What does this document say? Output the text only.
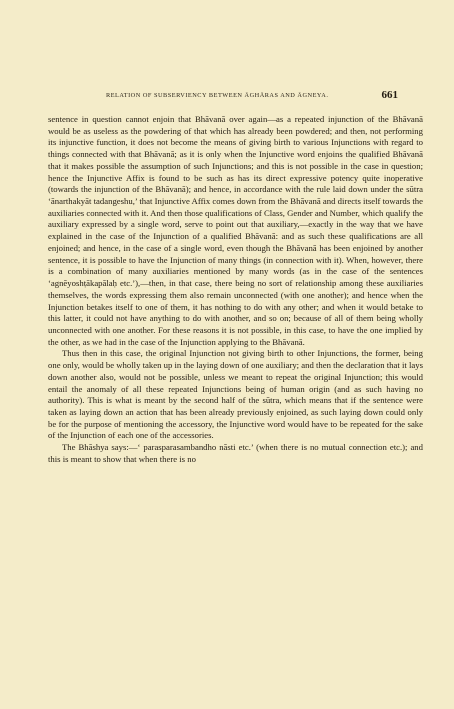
RELATION OF SUBSERVIENCY BETWEEN ĀGHĀRAS AND ĀGNEYA.	661

sentence in question cannot enjoin that Bhāvanā over again—as a repeated injunction of the Bhāvanā would be as useless as the powdering of that which has already been powdered; and then, not performing its injunctive function, it does not become the means of giving birth to various Injunctions with regard to things connected with that Bhāvanā; as it is only when the Injunctive word enjoins the qualified Bhāvanā that it makes possible the assumption of such Injunctions; and this is not possible in the case in question; hence the Injunctive Affix is found to be such as has its direct expressive potency quite inoperative (towards the injunction of the Bhāvanā); and hence, in accordance with the rule laid down under the sūtra ‘ānarthakyāt tadangeshu,’ that Injunctive Affix comes down from the Bhāvanā and directs itself towards the auxiliaries connected with it. And then those qualifications of Class, Gender and Number, which qualify the auxiliary expressed by a single word, serve to point out that auxiliary,—exactly in the way that we have explained in the case of the Injunction of a qualified Bhāvanā: and as such these qualifications are all enjoined; and hence, in the case of a single word, even though the Bhāvanā has been enjoined by another sentence, it is possible to have the Injunction of many things (in connection with it). When, however, there is a combination of many auxiliaries mentioned by many words (as in the case of the sentences ‘agnēyoshṭākapālaḥ etc.’),—then, in that case, there being no sort of relationship among these auxiliaries themselves, the words expressing them also remain unconnected (with one another); and hence when the Injunction betakes itself to one of them, it has nothing to do with any other; and when it would betake to this latter, it could not have anything to do with another, and so on; because of all of them being wholly unconnected with one another. For these reasons it is not possible, in this case, to have the one implied by the other, as we had in the case of the Injunction applying to the Bhāvanā.

Thus then in this case, the original Injunction not giving birth to other Injunctions, the former, being one only, would be wholly taken up in the laying down of one auxiliary; and then the declaration that it lays down another also, would not be possible, unless we meant to repeat the original Injunction; this would entail the anomaly of all these repeated Injunctions being of human origin (and as such having no authority). This is what is meant by the second half of the sūtra, which means that if the sentence were taken as laying down an action that has been already previously enjoined, as such laying down could only be for the purpose of mentioning the accessory, the Injunctive word would have to be repeated for the sake of the Injunction of each one of the accessories.

The Bhāshya says:—‘ parasparasambandho nāsti etc.’ (when there is no mutual connection etc.); and this is meant to show that when there is no
